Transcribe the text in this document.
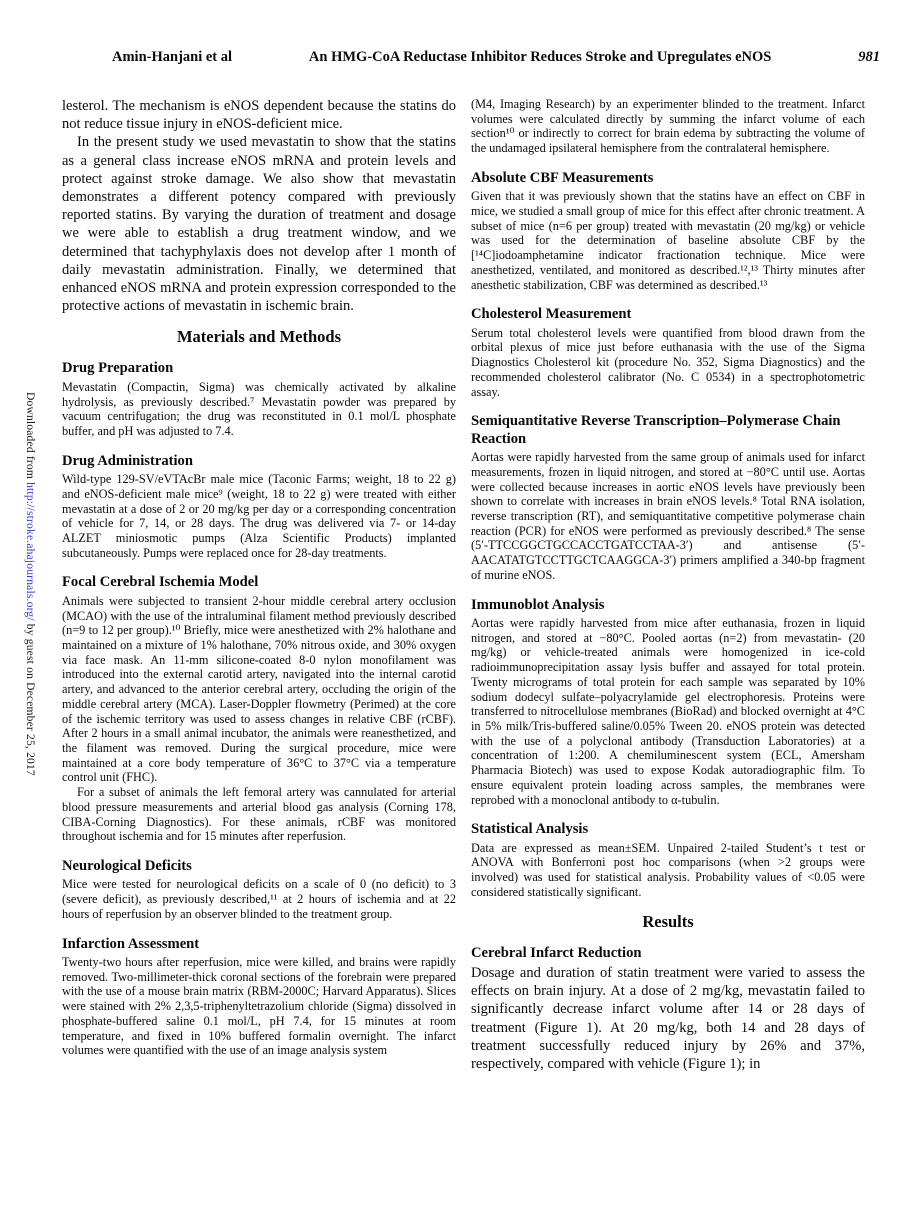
Amin-Hanjani et al	An HMG-CoA Reductase Inhibitor Reduces Stroke and Upregulates eNOS	981
Downloaded from http://stroke.ahajournals.org/ by guest on December 25, 2017

lesterol. The mechanism is eNOS dependent because the statins do not reduce tissue injury in eNOS-deficient mice.

In the present study we used mevastatin to show that the statins as a general class increase eNOS mRNA and protein levels and protect against stroke damage. We also show that mevastatin demonstrates a different potency compared with previously reported statins. By varying the duration of treatment and dosage we were able to establish a drug treatment window, and we determined that tachyphylaxis does not develop after 1 month of daily mevastatin administration. Finally, we determined that enhanced eNOS mRNA and protein expression corresponded to the protective actions of mevastatin in ischemic brain.

Materials and Methods
Drug Preparation

Mevastatin (Compactin, Sigma) was chemically activated by alkaline hydrolysis, as previously described.⁷ Mevastatin powder was prepared by vacuum centrifugation; the drug was reconstituted in 0.1 mol/L phosphate buffer, and pH was adjusted to 7.4.

Drug Administration

Wild-type 129-SV/eVTAcBr male mice (Taconic Farms; weight, 18 to 22 g) and eNOS-deficient male mice⁹ (weight, 18 to 22 g) were treated with either mevastatin at a dose of 2 or 20 mg/kg per day or a corresponding concentration of vehicle for 7, 14, or 28 days. The drug was delivered via 7- or 14-day ALZET miniosmotic pumps (Alza Scientific Products) implanted subcutaneously. Pumps were replaced once for 28-day treatments.

Focal Cerebral Ischemia Model

Animals were subjected to transient 2-hour middle cerebral artery occlusion (MCAO) with the use of the intraluminal filament method previously described (n=9 to 12 per group).¹⁰ Briefly, mice were anesthetized with 2% halothane and maintained on a mixture of 1% halothane, 70% nitrous oxide, and 30% oxygen via face mask. An 11-mm silicone-coated 8-0 nylon monofilament was introduced into the external carotid artery, navigated into the internal carotid artery, and advanced to the anterior cerebral artery, occluding the origin of the middle cerebral artery (MCA). Laser-Doppler flowmetry (Perimed) at the core of the ischemic territory was used to assess changes in relative CBF (rCBF). After 2 hours in a small animal incubator, the animals were reanesthetized, and the filament was removed. During the surgical procedure, mice were maintained at a core body temperature of 36°C to 37°C via a temperature control unit (FHC).

For a subset of animals the left femoral artery was cannulated for arterial blood pressure measurements and arterial blood gas analysis (Corning 178, CIBA-Corning Diagnostics). For these animals, rCBF was monitored throughout ischemia and for 15 minutes after reperfusion.

Neurological Deficits

Mice were tested for neurological deficits on a scale of 0 (no deficit) to 3 (severe deficit), as previously described,¹¹ at 2 hours of ischemia and at 22 hours of reperfusion by an observer blinded to the treatment group.

Infarction Assessment

Twenty-two hours after reperfusion, mice were killed, and brains were rapidly removed. Two-millimeter-thick coronal sections of the forebrain were prepared with the use of a mouse brain matrix (RBM-2000C; Harvard Apparatus). Slices were stained with 2% 2,3,5-triphenyltetrazolium chloride (Sigma) dissolved in phosphate-buffered saline 0.1 mol/L, pH 7.4, for 15 minutes at room temperature, and fixed in 10% buffered formalin overnight. The infarct volumes were quantified with the use of an image analysis system

(M4, Imaging Research) by an experimenter blinded to the treatment. Infarct volumes were calculated directly by summing the infarct volume of each section¹⁰ or indirectly to correct for brain edema by subtracting the volume of the undamaged ipsilateral hemisphere from the contralateral hemisphere.

Absolute CBF Measurements

Given that it was previously shown that the statins have an effect on CBF in mice, we studied a small group of mice for this effect after chronic treatment. A subset of mice (n=6 per group) treated with mevastatin (20 mg/kg) or vehicle was used for the determination of baseline absolute CBF by the [¹⁴C]iodoamphetamine indicator fractionation technique. Mice were anesthetized, ventilated, and monitored as described.¹²,¹³ Thirty minutes after anesthetic stabilization, CBF was determined as described.¹³

Cholesterol Measurement

Serum total cholesterol levels were quantified from blood drawn from the orbital plexus of mice just before euthanasia with the use of the Sigma Diagnostics Cholesterol kit (procedure No. 352, Sigma Diagnostics) and the recommended cholesterol calibrator (No. C 0534) in a spectrophotometric assay.

Semiquantitative Reverse Transcription–Polymerase Chain Reaction

Aortas were rapidly harvested from the same group of animals used for infarct measurements, frozen in liquid nitrogen, and stored at −80°C until use. Aortas were collected because increases in aortic eNOS levels have previously been shown to correlate with increases in brain eNOS levels.⁸ Total RNA isolation, reverse transcription (RT), and semiquantitative competitive polymerase chain reaction (PCR) for eNOS were performed as previously described.⁸ The sense (5′-TTCCGGCTGCCACCTGATCCTAA-3′) and antisense (5′-AACATATGTCCTTGCTCAAGGCA-3′) primers amplified a 340-bp fragment of murine eNOS.

Immunoblot Analysis

Aortas were rapidly harvested from mice after euthanasia, frozen in liquid nitrogen, and stored at −80°C. Pooled aortas (n=2) from mevastatin- (20 mg/kg) or vehicle-treated animals were homogenized in ice-cold radioimmunoprecipitation assay lysis buffer and assayed for total protein. Twenty micrograms of total protein for each sample was separated by 10% sodium dodecyl sulfate–polyacrylamide gel electrophoresis. Proteins were transferred to nitrocellulose membranes (BioRad) and blocked overnight at 4°C in 5% milk/Tris-buffered saline/0.05% Tween 20. eNOS protein was detected with the use of a polyclonal antibody (Transduction Laboratories) at a concentration of 1:200. A chemiluminescent system (ECL, Amersham Pharmacia Biotech) was used to expose Kodak autoradiographic film. To ensure equivalent protein loading across samples, the membranes were reprobed with a monoclonal antibody to α-tubulin.

Statistical Analysis

Data are expressed as mean±SEM. Unpaired 2-tailed Student’s t test or ANOVA with Bonferroni post hoc comparisons (when >2 groups were involved) was used for statistical analysis. Probability values of <0.05 were considered statistically significant.

Results
Cerebral Infarct Reduction

Dosage and duration of statin treatment were varied to assess the effects on brain injury. At a dose of 2 mg/kg, mevastatin failed to significantly decrease infarct volume after 14 or 28 days of treatment (Figure 1). At 20 mg/kg, both 14 and 28 days of treatment successfully reduced injury by 26% and 37%, respectively, compared with vehicle (Figure 1); in
